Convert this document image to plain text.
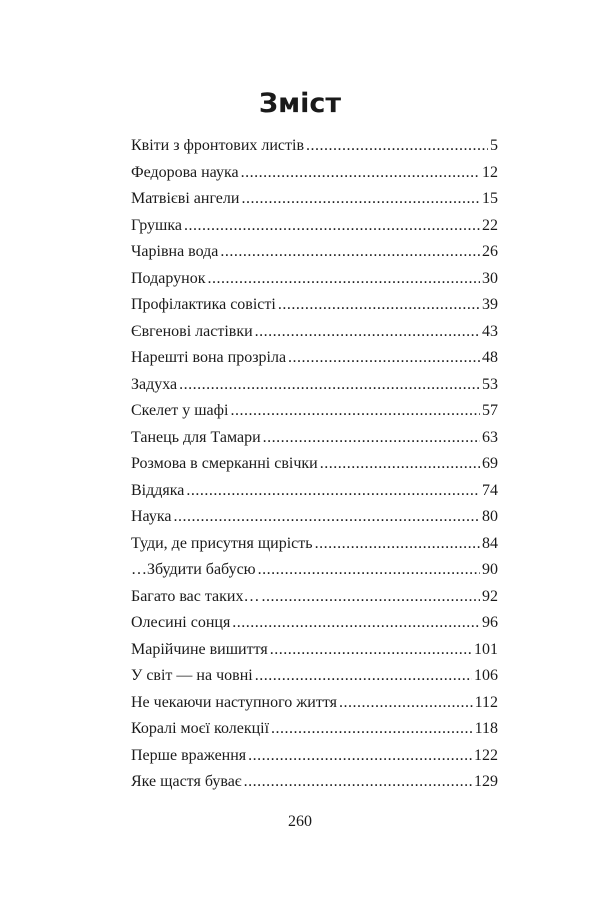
Зміст
Квіти з фронтових листів .....	5
Федорова наука .....	12
Матвієві ангели .....	15
Грушка .....	22
Чарівна вода .....	26
Подарунок .....	30
Профілактика совісті .....	39
Євгенові ластівки .....	43
Нарешті вона прозріла .....	48
Задуха .....	53
Скелет у шафі .....	57
Танець для Тамари .....	63
Розмова в смерканні свічки .....	69
Віддяка .....	74
Наука .....	80
Туди, де присутня щирість .....	84
…Збудити бабусю .....	90
Багато вас таких… .....	92
Олесині сонця .....	96
Марійчине вишиття .....	101
У світ — на човні .....	106
Не чекаючи наступного життя .....	112
Коралі моєї колекції .....	118
Перше враження .....	122
Яке щастя буває .....	129
260
